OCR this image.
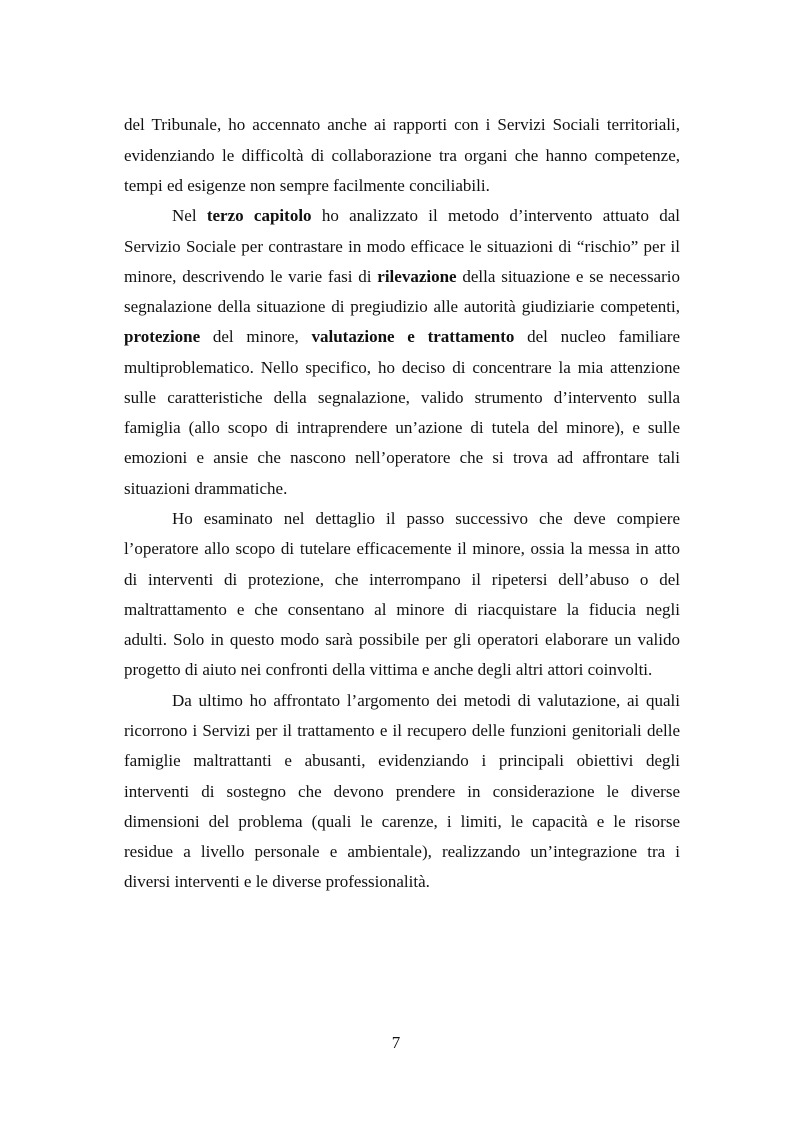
del Tribunale, ho accennato anche ai rapporti con i Servizi Sociali territoriali,
evidenziando le difficoltà di collaborazione tra organi che hanno competenze,
tempi ed esigenze non sempre facilmente conciliabili.
Nel terzo capitolo ho analizzato il metodo d’intervento attuato dal
Servizio Sociale per contrastare in modo efficace le situazioni di “rischio” per il
minore, descrivendo le varie fasi di rilevazione della situazione e se necessario
segnalazione della situazione di pregiudizio alle autorità giudiziarie competenti,
protezione del minore, valutazione e trattamento del nucleo familiare
multiproblematico. Nello specifico, ho deciso di concentrare la mia attenzione
sulle caratteristiche della segnalazione, valido strumento d’intervento sulla
famiglia (allo scopo di intraprendere un’azione di tutela del minore), e sulle
emozioni e ansie che nascono nell’operatore che si trova ad affrontare tali
situazioni drammatiche.
Ho esaminato nel dettaglio il passo successivo che deve compiere
l’operatore allo scopo di tutelare efficacemente il minore, ossia la messa in atto
di interventi di protezione, che interrompano il ripetersi dell’abuso o del
maltrattamento e che consentano al minore di riacquistare la fiducia negli
adulti. Solo in questo modo sarà possibile per gli operatori elaborare un valido
progetto di aiuto nei confronti della vittima e anche degli altri attori coinvolti.
Da ultimo ho affrontato l’argomento dei metodi di valutazione, ai quali
ricorrono i Servizi per il trattamento e il recupero delle funzioni genitoriali delle
famiglie maltrattanti e abusanti, evidenziando i principali obiettivi degli
interventi di sostegno che devono prendere in considerazione le diverse
dimensioni del problema (quali le carenze, i limiti, le capacità e le risorse
residue a livello personale e ambientale), realizzando un’integrazione tra i
diversi interventi e le diverse professionalità.
7
